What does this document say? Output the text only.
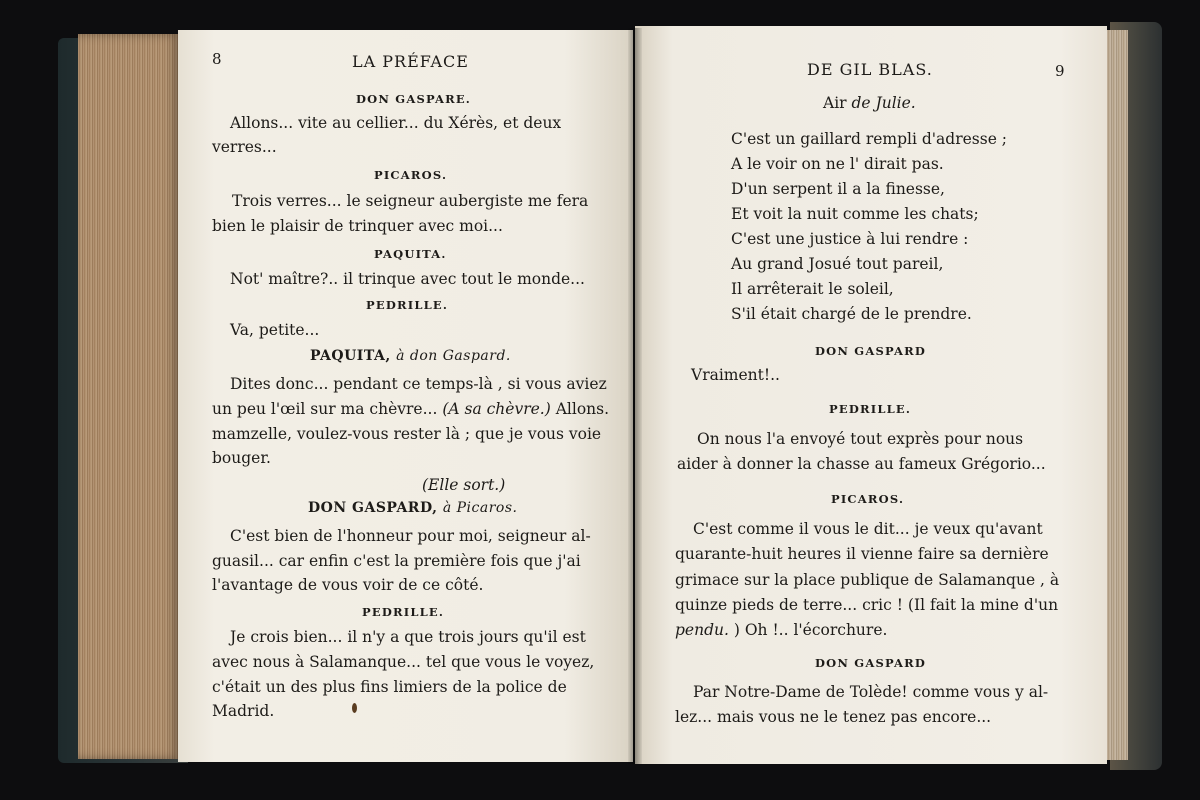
8	LA PRÉFACE
DON GASPARE.
Allons... vite au cellier... du Xérès, et deux
verres...
PICAROS.
Trois verres... le seigneur aubergiste me fera
bien le plaisir de trinquer avec moi...
PAQUITA.
Not' maître?.. il trinque avec tout le monde...
PEDRILLE.
Va, petite...
PAQUITA, à don Gaspard.
Dites donc... pendant ce temps-là , si vous aviez
un peu l'œil sur ma chèvre... (A sa chèvre.) Allons.
mamzelle, voulez-vous rester là ; que je vous voie
bouger.
(Elle sort.)
DON GASPARD, à Picaros.
C'est bien de l'honneur pour moi, seigneur al-
guasil... car enfin c'est la première fois que j'ai
l'avantage de vous voir de ce côté.
PEDRILLE.
Je crois bien... il n'y a que trois jours qu'il est
avec nous à Salamanque... tel que vous le voyez,
c'était un des plus fins limiers de la police de
Madrid.
DE GIL BLAS.	9
Air de Julie.
C'est un gaillard rempli d'adresse ;
A le voir on ne l' dirait pas.
D'un serpent il a la finesse,
Et voit la nuit comme les chats;
C'est une justice à lui rendre :
Au grand Josué tout pareil,
Il arrêterait le soleil,
S'il était chargé de le prendre.
DON GASPARD
Vraiment!..
PEDRILLE.
On nous l'a envoyé tout exprès pour nous
aider à donner la chasse au fameux Grégorio...
PICAROS.
C'est comme il vous le dit... je veux qu'avant
quarante-huit heures il vienne faire sa dernière
grimace sur la place publique de Salamanque , à
quinze pieds de terre... cric ! (Il fait la mine d'un
pendu. ) Oh !.. l'écorchure.
DON GASPARD
Par Notre-Dame de Tolède! comme vous y al-
lez... mais vous ne le tenez pas encore...
